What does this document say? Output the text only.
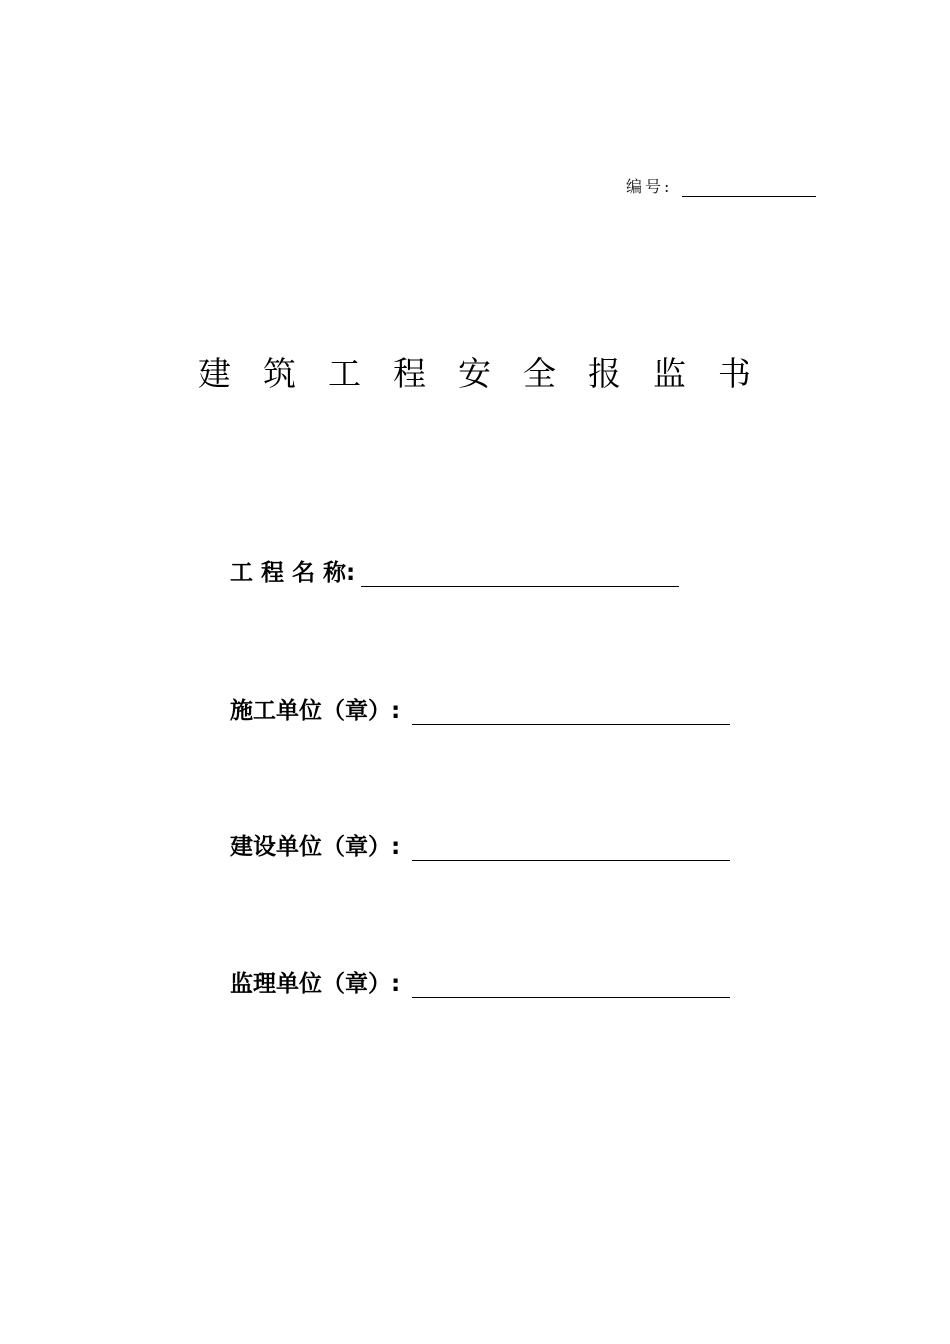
编号:
建筑工程安全报监书
工 程 名 称:
施工单位（章）:
建设单位（章）:
监理单位（章）:
